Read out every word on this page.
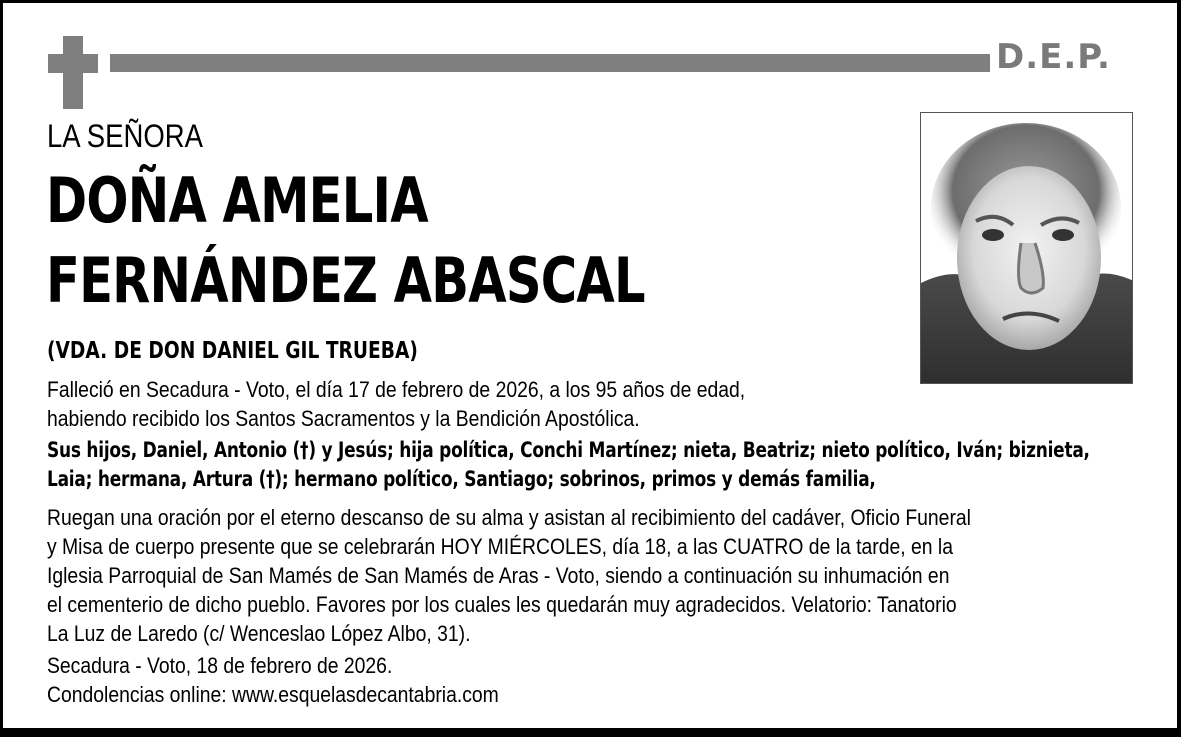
D.E.P.
LA SEÑORA
DOÑA AMELIA
FERNÁNDEZ ABASCAL
(VDA. DE DON DANIEL GIL TRUEBA)
Falleció en Secadura - Voto, el día 17 de febrero de 2026, a los 95 años de edad,
habiendo recibido los Santos Sacramentos y la Bendición Apostólica.
Sus hijos, Daniel, Antonio (†) y Jesús; hija política, Conchi Martínez; nieta, Beatriz; nieto político, Iván; biznieta,
Laia; hermana, Artura (†); hermano político, Santiago; sobrinos, primos y demás familia,
Ruegan una oración por el eterno descanso de su alma y asistan al recibimiento del cadáver, Oficio Funeral
y Misa de cuerpo presente que se celebrarán HOY MIÉRCOLES, día 18, a las CUATRO de la tarde, en la
Iglesia Parroquial de San Mamés de San Mamés de Aras - Voto, siendo a continuación su inhumación en
el cementerio de dicho pueblo. Favores por los cuales les quedarán muy agradecidos. Velatorio: Tanatorio
La Luz de Laredo (c/ Wenceslao López Albo, 31).
Secadura - Voto, 18 de febrero de 2026.
Condolencias online: www.esquelasdecantabria.com
